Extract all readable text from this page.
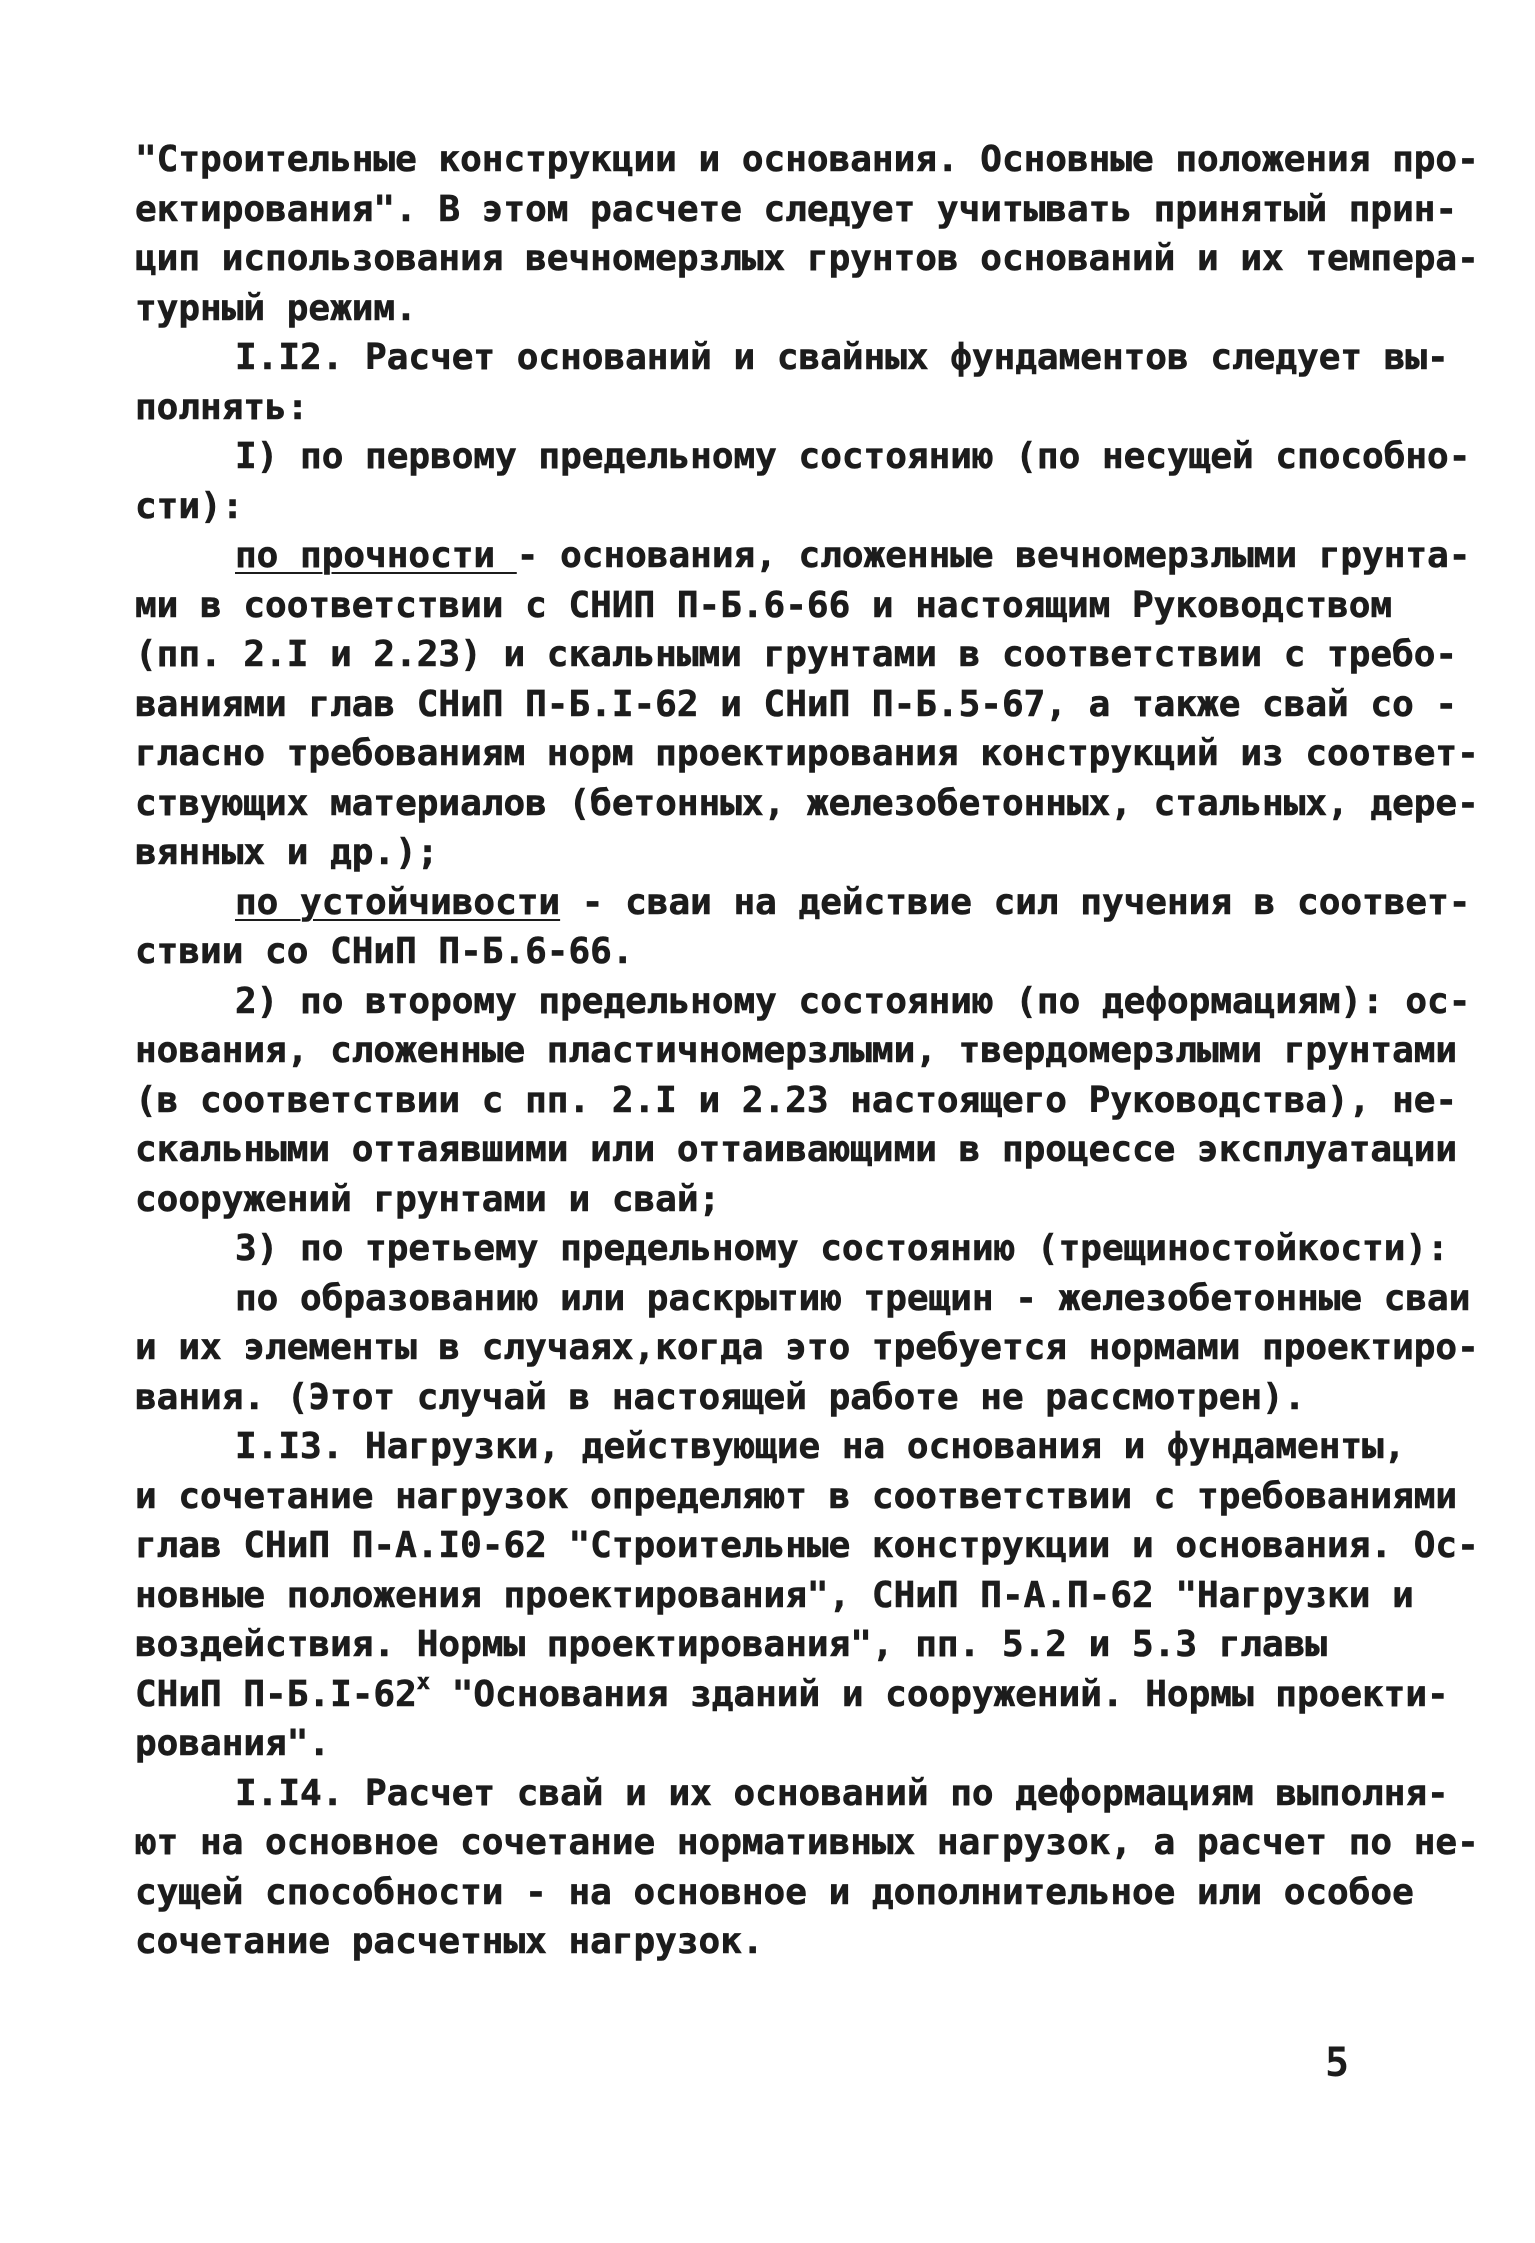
"Строительные конструкции и основания. Основные положения про-
ектирования". В этом расчете следует учитывать принятый прин-
цип использования вечномерзлых грунтов оснований и их темпера-
турный режим.
I.I2. Расчет оснований и свайных фундаментов следует вы-
полнять:
I) по первому предельному состоянию (по несущей способно-
сти):
по прочности - основания, сложенные вечномерзлыми грунта-
ми в соответствии с СНИП П-Б.6-66 и настоящим Руководством
(пп. 2.I и 2.23) и скальными грунтами в соответствии с требо-
ваниями глав СНиП П-Б.I-62 и СНиП П-Б.5-67, а также свай со -
гласно требованиям норм проектирования конструкций из соответ-
ствующих материалов (бетонных, железобетонных, стальных, дере-
вянных и др.);
по устойчивости - сваи на действие сил пучения в соответ-
ствии со СНиП П-Б.6-66.
2) по второму предельному состоянию (по деформациям): ос-
нования, сложенные пластичномерзлыми, твердомерзлыми грунтами
(в соответствии с пп. 2.I и 2.23 настоящего Руководства), не-
скальными оттаявшими или оттаивающими в процессе эксплуатации
сооружений грунтами и свай;
3) по третьему предельному состоянию (трещиностойкости):
по образованию или раскрытию трещин - железобетонные сваи
и их элементы в случаях,когда это требуется нормами проектиро-
вания. (Этот случай в настоящей работе не рассмотрен).
I.I3. Нагрузки, действующие на основания и фундаменты,
и сочетание нагрузок определяют в соответствии с требованиями
глав СНиП П-А.I0-62 "Строительные конструкции и основания. Ос-
новные положения проектирования", СНиП П-А.П-62 "Нагрузки и
воздействия. Нормы проектирования", пп. 5.2 и 5.3 главы
СНиП П-Б.I-62$^x$ "Основания зданий и сооружений. Нормы проекти-
рования".
I.I4. Расчет свай и их оснований по деформациям выполня-
ют на основное сочетание нормативных нагрузок, а расчет по не-
сущей способности - на основное и дополнительное или особое
сочетание расчетных нагрузок.
5
